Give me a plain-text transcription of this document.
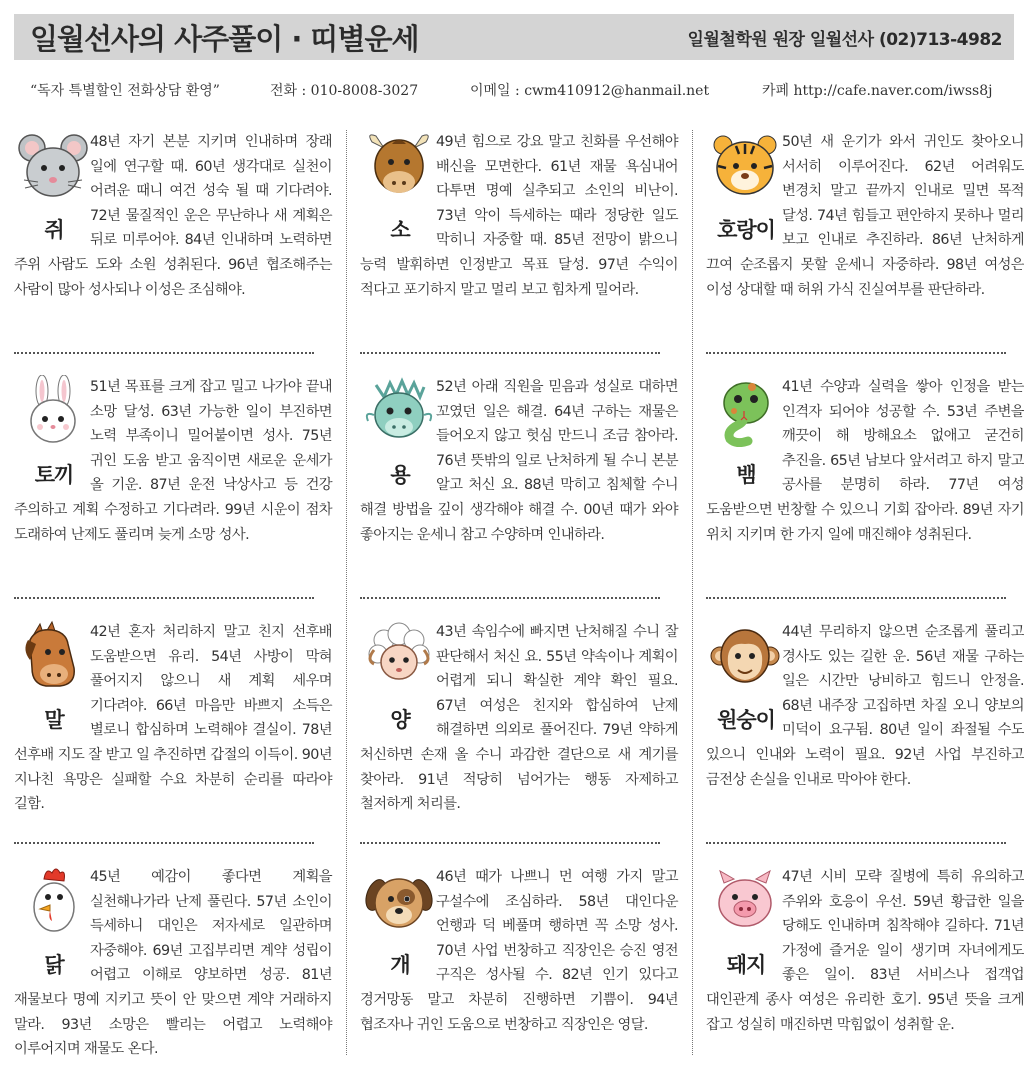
일월선사의 사주풀이 · 띠별운세	일월철학원 원장 일월선사 (02)713-4982
“독자 특별할인 전화상담 환영”	전화 : 010-8008-3027	이메일 : cwm410912@hanmail.net	카페 http://cafe.naver.com/iwss8j
쥐

48년 자기 본분 지키며 인내하며 장래 일에 연구할 때. 60년 생각대로 실천이 어려운 때니 여건 성숙 될 때 기다려야. 72년 물질적인 운은 무난하나 새 계획은 뒤로 미루어야. 84년 인내하며 노력하면 주위 사람도 도와 소원 성취된다. 96년 협조해주는 사람이 많아 성사되나 이성은 조심해야.

소

49년 힘으로 강요 말고 친화를 우선해야 배신을 모면한다. 61년 재물 욕심내어 다투면 명예 실추되고 소인의 비난이. 73년 악이 득세하는 때라 정당한 일도 막히니 자중할 때. 85년 전망이 밝으니 능력 발휘하면 인정받고 목표 달성. 97년 수익이 적다고 포기하지 말고 멀리 보고 힘차게 밀어라.

호랑이

50년 새 운기가 와서 귀인도 찾아오니 서서히 이루어진다. 62년 어려워도 변경치 말고 끝까지 인내로 밀면 목적 달성. 74년 힘들고 편안하지 못하나 멀리 보고 인내로 추진하라. 86년 난처하게 끄여 순조롭지 못할 운세니 자중하라. 98년 여성은 이성 상대할 때 허위 가식 진실여부를 판단하라.

토끼

51년 목표를 크게 잡고 밀고 나가야 끝내 소망 달성. 63년 가능한 일이 부진하면 노력 부족이니 밀어붙이면 성사. 75년 귀인 도움 받고 움직이면 새로운 운세가 올 기운. 87년 운전 낙상사고 등 건강 주의하고 계획 수정하고 기다려라. 99년 시운이 점차 도래하여 난제도 풀리며 늦게 소망 성사.

용

52년 아래 직원을 믿음과 성실로 대하면 꼬였던 일은 해결. 64년 구하는 재물은 들어오지 않고 헛심 만드니 조금 참아라. 76년 뜻밖의 일로 난처하게 될 수니 본분 알고 처신 요. 88년 막히고 침체할 수니 해결 방법을 깊이 생각해야 해결 수. 00년 때가 와야 좋아지는 운세니 참고 수양하며 인내하라.

뱀

41년 수양과 실력을 쌓아 인정을 받는 인격자 되어야 성공할 수. 53년 주변을 깨끗이 해 방해요소 없애고 굳건히 추진을. 65년 남보다 앞서려고 하지 말고 공사를 분명히 하라. 77년 여성 도움받으면 번창할 수 있으니 기회 잡아라. 89년 자기 위치 지키며 한 가지 일에 매진해야 성취된다.

말

42년 혼자 처리하지 말고 친지 선후배 도움받으면 유리. 54년 사방이 막혀 풀어지지 않으니 새 계획 세우며 기다려야. 66년 마음만 바쁘지 소득은 별로니 합심하며 노력해야 결실이. 78년 선후배 지도 잘 받고 일 추진하면 갑절의 이득이. 90년 지나친 욕망은 실패할 수요 차분히 순리를 따라야 길함.

양

43년 속임수에 빠지면 난처해질 수니 잘 판단해서 처신 요. 55년 약속이나 계획이 어렵게 되니 확실한 계약 확인 필요. 67년 여성은 친지와 합심하여 난제 해결하면 의외로 풀어진다. 79년 약하게 처신하면 손재 올 수니 과감한 결단으로 새 계기를 찾아라. 91년 적당히 넘어가는 행동 자제하고 철저하게 처리를.

원숭이

44년 무리하지 않으면 순조롭게 풀리고 경사도 있는 길한 운. 56년 재물 구하는 일은 시간만 낭비하고 힘드니 안정을. 68년 내주장 고집하면 차질 오니 양보의 미덕이 요구됨. 80년 일이 좌절될 수도 있으니 인내와 노력이 필요. 92년 사업 부진하고 금전상 손실을 인내로 막아야 한다.

닭

45년 예감이 좋다면 계획을 실천해나가라 난제 풀린다. 57년 소인이 득세하니 대인은 저자세로 일관하며 자중해야. 69년 고집부리면 계약 성립이 어렵고 이해로 양보하면 성공. 81년 재물보다 명예 지키고 뜻이 안 맞으면 계약 거래하지 말라. 93년 소망은 빨리는 어렵고 노력해야 이루어지며 재물도 온다.

개

46년 때가 나쁘니 먼 여행 가지 말고 구설수에 조심하라. 58년 대인다운 언행과 덕 베풀며 행하면 꼭 소망 성사. 70년 사업 번창하고 직장인은 승진 영전 구직은 성사될 수. 82년 인기 있다고 경거망동 말고 차분히 진행하면 기쁨이. 94년 협조자나 귀인 도움으로 번창하고 직장인은 영달.

돼지

47년 시비 모략 질병에 특히 유의하고 주위와 호응이 우선. 59년 황급한 일을 당해도 인내하며 침착해야 길하다. 71년 가정에 즐거운 일이 생기며 자녀에게도 좋은 일이. 83년 서비스나 접객업 대인관계 종사 여성은 유리한 호기. 95년 뜻을 크게 잡고 성실히 매진하면 막힘없이 성취할 운.
